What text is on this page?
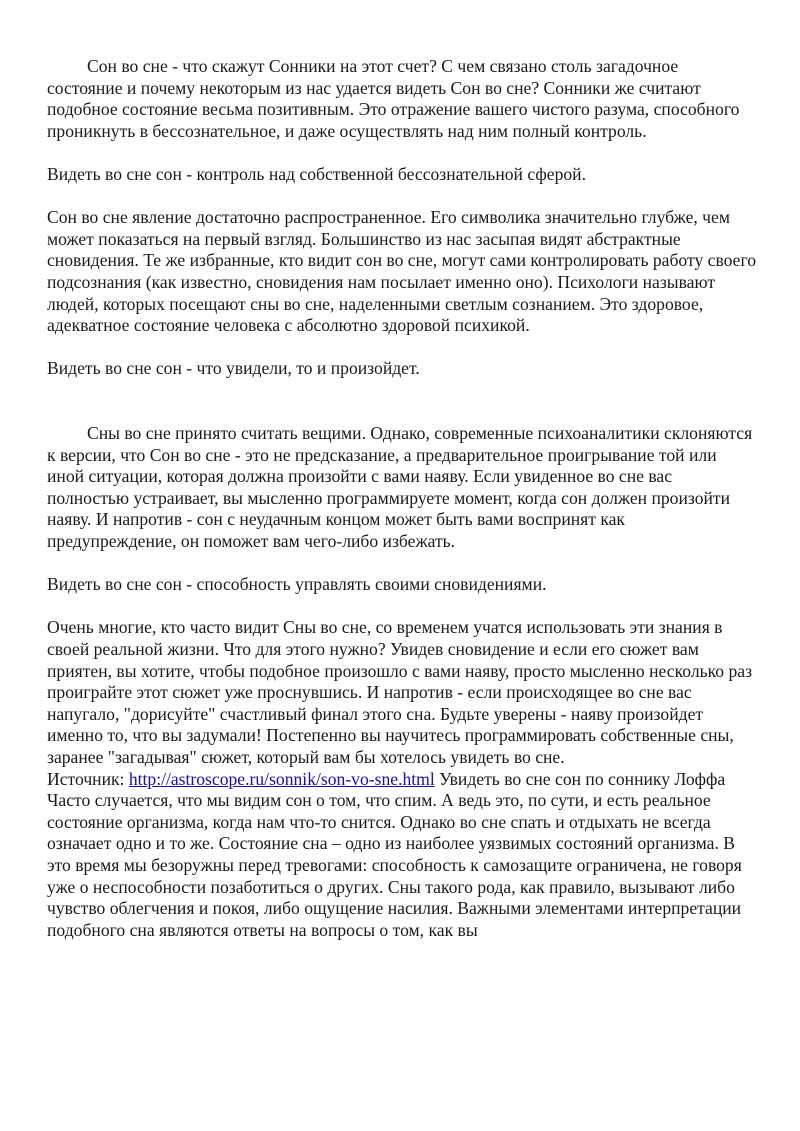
Сон во сне - что скажут Сонники на этот счет? С чем связано столь загадочное состояние и почему некоторым из нас удается видеть Сон во сне? Сонники же считают подобное состояние весьма позитивным. Это отражение вашего чистого разума, способного проникнуть в бессознательное, и даже осуществлять над ним полный контроль.

Видеть во сне сон - контроль над собственной бессознательной сферой.

Сон во сне явление достаточно распространенное. Его символика значительно глубже, чем может показаться на первый взгляд. Большинство из нас засыпая видят абстрактные сновидения. Те же избранные, кто видит сон во сне, могут сами контролировать работу своего подсознания (как известно, сновидения нам посылает именно оно). Психологи называют людей, которых посещают сны во сне, наделенными светлым сознанием. Это здоровое, адекватное состояние человека с абсолютно здоровой психикой.

Видеть во сне сон - что увидели, то и произойдет.

Сны во сне принято считать вещими. Однако, современные психоаналитики склоняются к версии, что Сон во сне - это не предсказание, а предварительное проигрывание той или иной ситуации, которая должна произойти с вами наяву. Если увиденное во сне вас полностью устраивает, вы мысленно программируете момент, когда сон должен произойти наяву. И напротив - сон с неудачным концом может быть вами воспринят как предупреждение, он поможет вам чего-либо избежать.

Видеть во сне сон - способность управлять своими сновидениями.

Очень многие, кто часто видит Сны во сне, со временем учатся использовать эти знания в своей реальной жизни. Что для этого нужно? Увидев сновидение и если его сюжет вам приятен, вы хотите, чтобы подобное произошло с вами наяву, просто мысленно несколько раз проиграйте этот сюжет уже проснувшись. И напротив - если происходящее во сне вас напугало, "дорисуйте" счастливый финал этого сна. Будьте уверены - наяву произойдет именно то, что вы задумали! Постепенно вы научитесь программировать собственные сны, заранее "загадывая" сюжет, который вам бы хотелось увидеть во сне.

Источник: http://astroscope.ru/sonnik/son-vo-sne.html Увидеть во сне сон по соннику Лоффа Часто случается, что мы видим сон о том, что спим. А ведь это, по сути, и есть реальное состояние организма, когда нам что-то снится. Однако во сне спать и отдыхать не всегда означает одно и то же. Состояние сна – одно из наиболее уязвимых состояний организма. В это время мы безоружны перед тревогами: способность к самозащите ограничена, не говоря уже о неспособности позаботиться о других. Сны такого рода, как правило, вызывают либо чувство облегчения и покоя, либо ощущение насилия. Важными элементами интерпретации подобного сна являются ответы на вопросы о том, как вы
